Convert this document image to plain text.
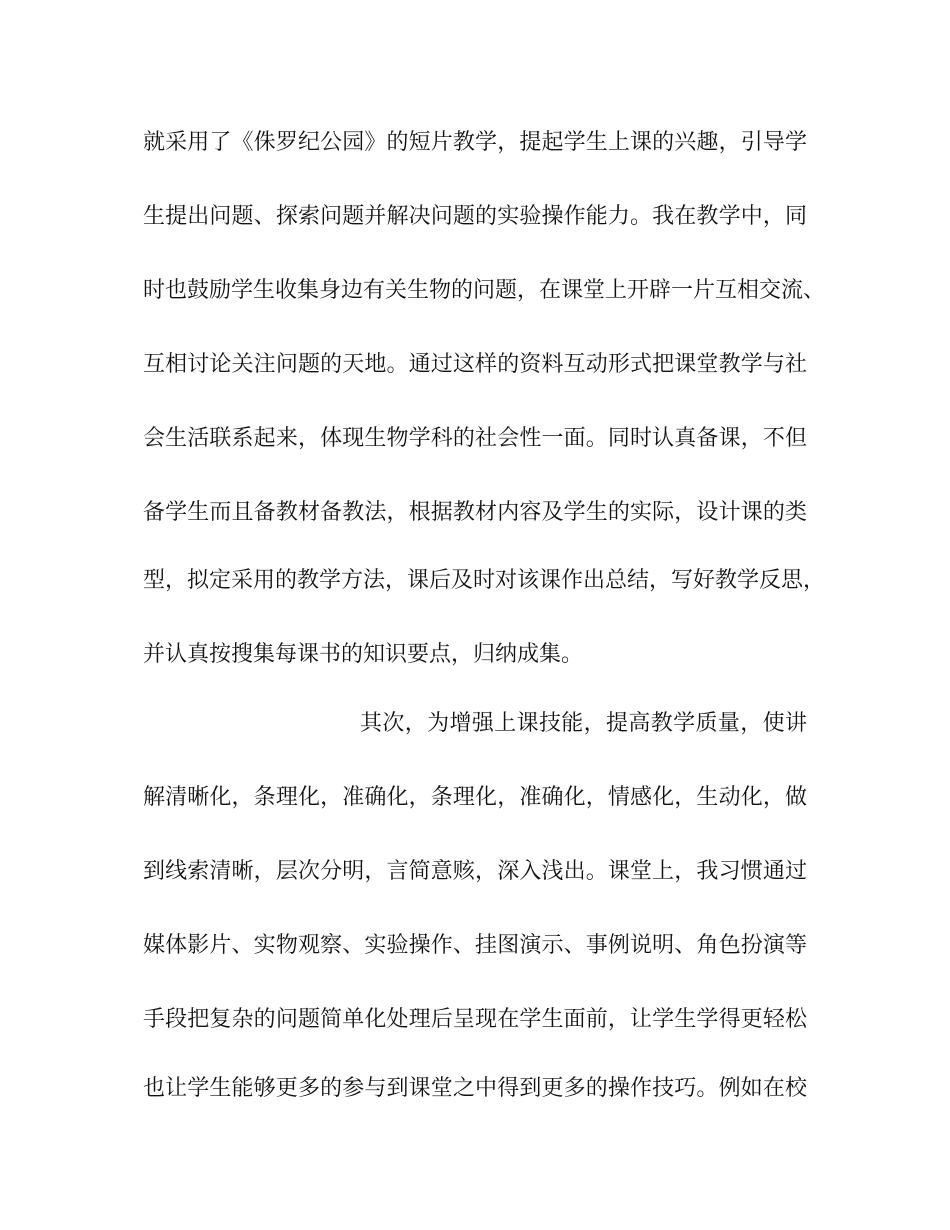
就采用了《侏罗纪公园》的短片教学，提起学生上课的兴趣，引导学
生提出问题、探索问题并解决问题的实验操作能力。我在教学中，同
时也鼓励学生收集身边有关生物的问题，在课堂上开辟一片互相交流、
互相讨论关注问题的天地。通过这样的资料互动形式把课堂教学与社
会生活联系起来，体现生物学科的社会性一面。同时认真备课，不但
备学生而且备教材备教法，根据教材内容及学生的实际，设计课的类
型，拟定采用的教学方法，课后及时对该课作出总结，写好教学反思，
并认真按搜集每课书的知识要点，归纳成集。
其次，为增强上课技能，提高教学质量，使讲
解清晰化，条理化，准确化，条理化，准确化，情感化，生动化，做
到线索清晰，层次分明，言简意赅，深入浅出。课堂上，我习惯通过
媒体影片、实物观察、实验操作、挂图演示、事例说明、角色扮演等
手段把复杂的问题简单化处理后呈现在学生面前，让学生学得更轻松
也让学生能够更多的参与到课堂之中得到更多的操作技巧。例如在校
